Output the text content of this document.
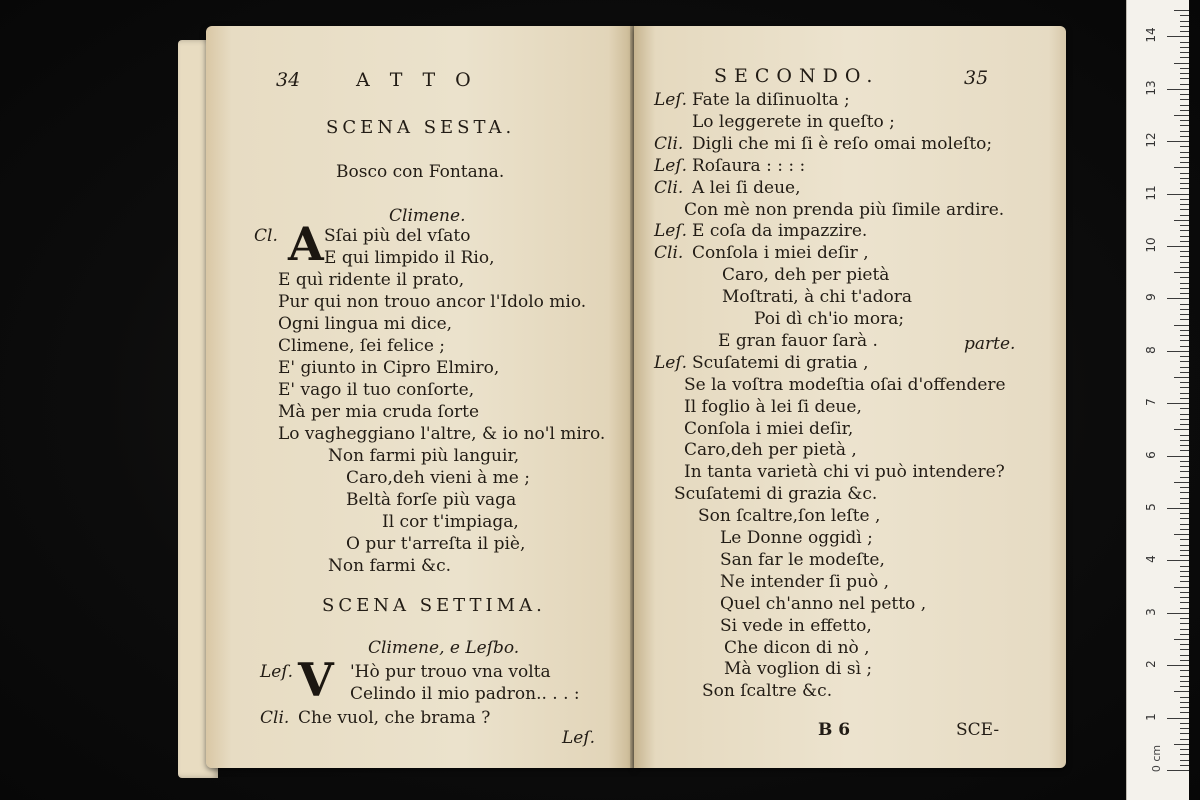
34	A T T O
SCENA SESTA.
Bosco con Fontana.
Climene.
Cl. A Sſai più del vſato
E qui limpido il Rio,
E quì ridente il prato,
Pur qui non trouo ancor l'Idolo mio.
Ogni lingua mi dice,
Climene, ſei felice ;
E' giunto in Cipro Elmiro,
E' vago il tuo conſorte,
Mà per mia cruda ſorte
Lo vagheggiano l'altre, & io no'l miro.
Non farmi più languir,
Caro,deh vieni à me ;
Beltà forſe più vaga
Il cor t'impiaga,
O pur t'arreſta il piè,
Non farmi &c.
SCENA SETTIMA.
Climene, e Leſbo.
Leſ. V 'Hò pur trouo vna volta
Celindo il mio padron.. . . :
Cli. Che vuol, che brama ?
Leſ.
SECONDO.	35
Leſ. Fate la diſinuolta ;
Lo leggerete in queſto ;
Cli. Digli che mi ſi è reſo omai moleſto;
Leſ. Roſaura : : : :
Cli. A lei ſi deue,
Con mè non prenda più ſimile ardire.
Leſ. E coſa da impazzire.
Cli. Conſola i miei deſir ,
Caro, deh per pietà
Moſtrati, à chi t'adora
Poi dì ch'io mora;
E gran fauor ſarà .
Leſ. Scuſatemi di gratia ,
Se la voſtra modeſtia oſai d'offendere
Il foglio à lei ſi deue,
Conſola i miei deſir,
Caro,deh per pietà ,
In tanta varietà chi vi può intendere?
Scuſatemi di grazia &c.
Son ſcaltre,ſon leſte ,
Le Donne oggidì ;
San far le modeſte,
Ne intender ſi può ,
Quel ch'anno nel petto ,
Si vede in effetto,
Che dicon di nò ,
Mà voglion di sì ;
Son ſcaltre &c.
parte.
B 6	SCE-
1
2
3
4
5
6
7
8
9
10
11
12
13
14
0 cm
